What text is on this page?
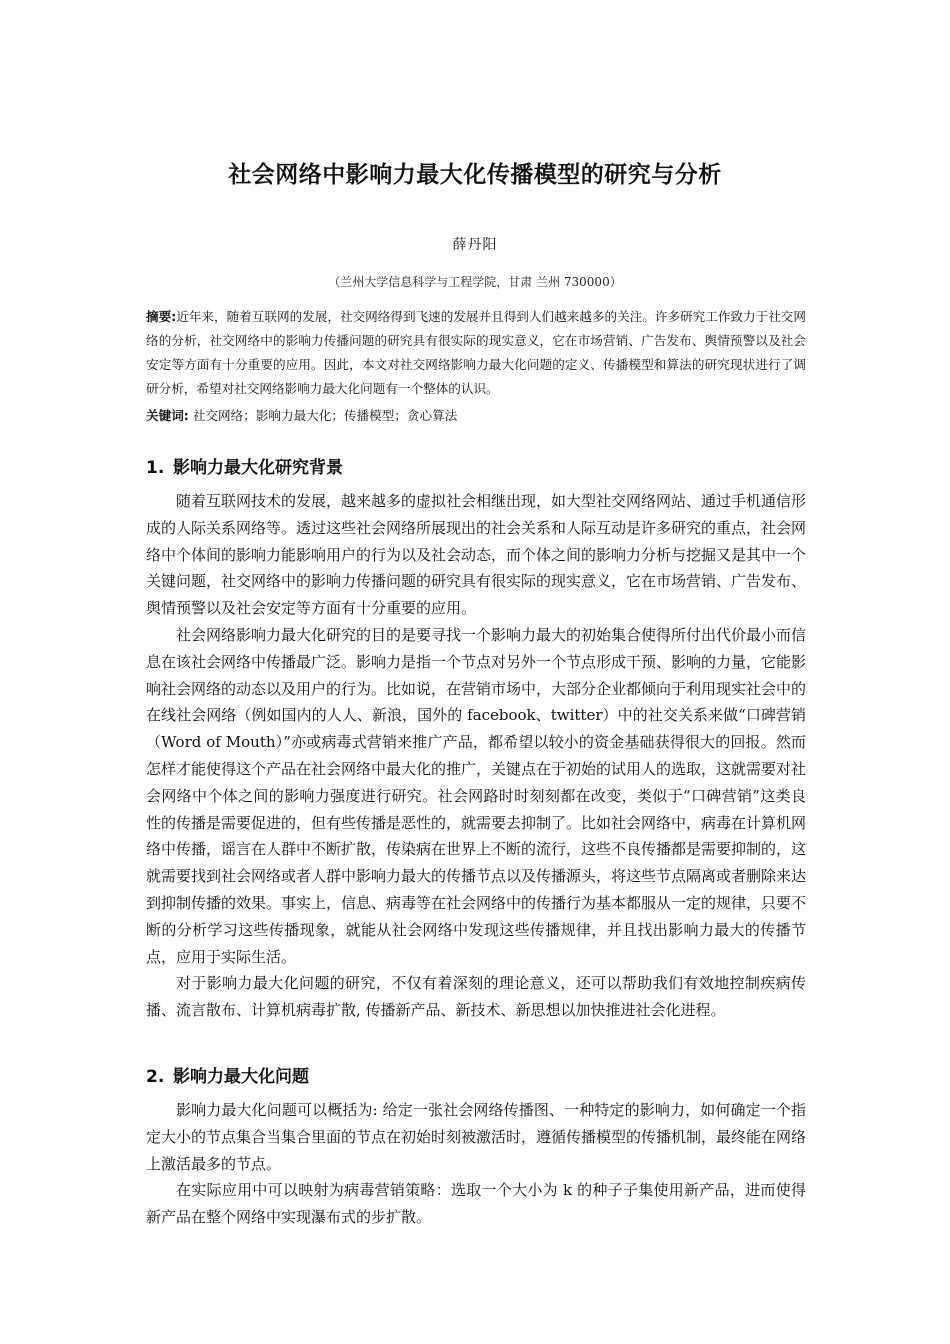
社会网络中影响力最大化传播模型的研究与分析
薛丹阳
（兰州大学信息科学与工程学院，甘肃 兰州 730000）
摘要:近年来，随着互联网的发展，社交网络得到飞速的发展并且得到人们越来越多的关注。许多研究工作致力于社交网络的分析，社交网络中的影响力传播问题的研究具有很实际的现实意义，它在市场营销、广告发布、舆情预警以及社会安定等方面有十分重要的应用。因此，本文对社交网络影响力最大化问题的定义、传播模型和算法的研究现状进行了调研分析，希望对社交网络影响力最大化问题有一个整体的认识。
关键词: 社交网络；影响力最大化；传播模型；贪心算法
1. 影响力最大化研究背景

随着互联网技术的发展，越来越多的虚拟社会相继出现，如大型社交网络网站、通过手机通信形成的人际关系网络等。透过这些社会网络所展现出的社会关系和人际互动是许多研究的重点，社会网络中个体间的影响力能影响用户的行为以及社会动态，而个体之间的影响力分析与挖掘又是其中一个关键问题，社交网络中的影响力传播问题的研究具有很实际的现实意义，它在市场营销、广告发布、舆情预警以及社会安定等方面有十分重要的应用。

社会网络影响力最大化研究的目的是要寻找一个影响力最大的初始集合使得所付出代价最小而信息在该社会网络中传播最广泛。影响力是指一个节点对另外一个节点形成干预、影响的力量，它能影响社会网络的动态以及用户的行为。比如说，在营销市场中，大部分企业都倾向于利用现实社会中的在线社会网络（例如国内的人人、新浪，国外的 facebook、twitter）中的社交关系来做“口碑营销（Word of Mouth）”亦或病毒式营销来推广产品，都希望以较小的资金基础获得很大的回报。然而怎样才能使得这个产品在社会网络中最大化的推广，关键点在于初始的试用人的选取，这就需要对社会网络中个体之间的影响力强度进行研究。社会网路时时刻刻都在改变，类似于“口碑营销”这类良性的传播是需要促进的，但有些传播是恶性的，就需要去抑制了。比如社会网络中，病毒在计算机网络中传播，谣言在人群中不断扩散，传染病在世界上不断的流行，这些不良传播都是需要抑制的，这就需要找到社会网络或者人群中影响力最大的传播节点以及传播源头，将这些节点隔离或者删除来达到抑制传播的效果。事实上，信息、病毒等在社会网络中的传播行为基本都服从一定的规律，只要不断的分析学习这些传播现象，就能从社会网络中发现这些传播规律，并且找出影响力最大的传播节点，应用于实际生活。

对于影响力最大化问题的研究，不仅有着深刻的理论意义，还可以帮助我们有效地控制疾病传播、流言散布、计算机病毒扩散, 传播新产品、新技术、新思想以加快推进社会化进程。

2. 影响力最大化问题

影响力最大化问题可以概括为: 给定一张社会网络传播图、一种特定的影响力，如何确定一个指定大小的节点集合当集合里面的节点在初始时刻被激活时，遵循传播模型的传播机制，最终能在网络上激活最多的节点。

在实际应用中可以映射为病毒营销策略：选取一个大小为 k 的种子子集使用新产品，进而使得新产品在整个网络中实现瀑布式的步扩散。
